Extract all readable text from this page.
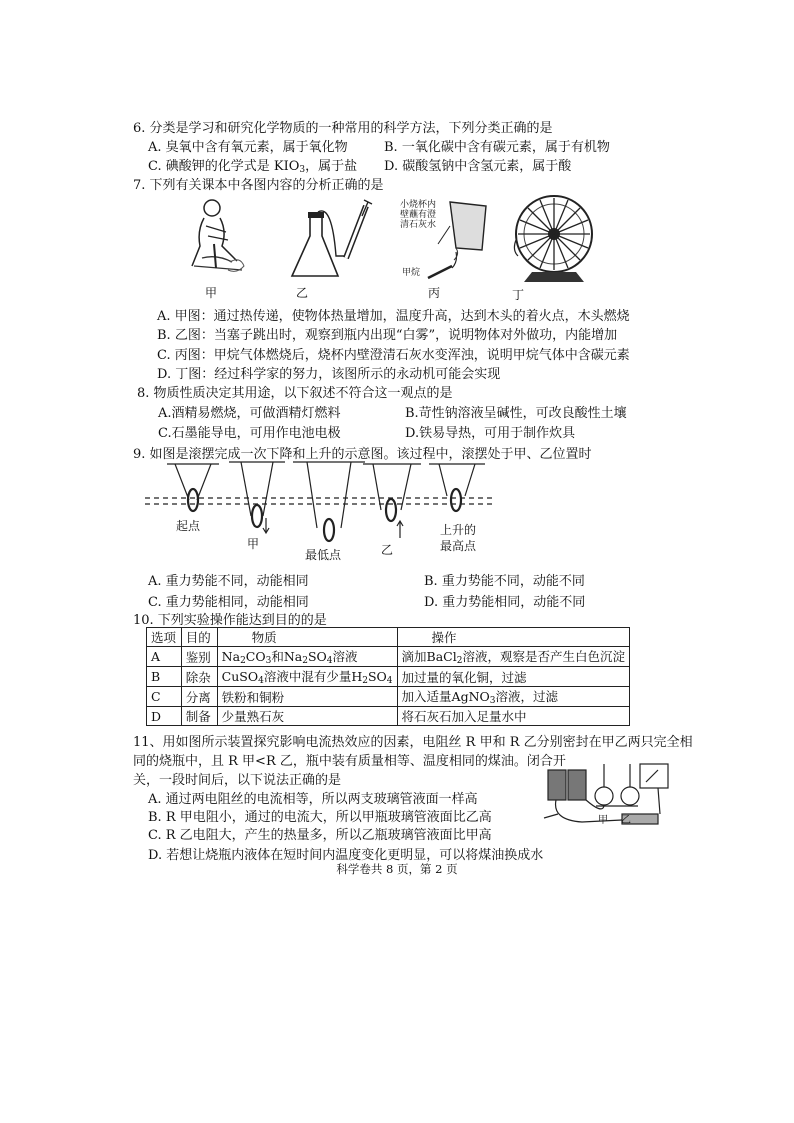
6. 分类是学习和研究化学物质的一种常用的科学方法，下列分类正确的是
A. 臭氧中含有氧元素，属于氧化物	B. 一氧化碳中含有碳元素，属于有机物
C. 碘酸钾的化学式是 $KIO_3$，属于盐 D. 碳酸氢钠中含氢元素，属于酸
7. 下列有关课本中各图内容的分析正确的是
小烧杯内
壁蘸有澄
清石灰水
甲烷
甲	乙	丙	丁
A. 甲图：通过热传递，使物体热量增加，温度升高，达到木头的着火点，木头燃烧
B. 乙图：当塞子跳出时，观察到瓶内出现“白雾”，说明物体对外做功，内能增加
C. 丙图：甲烷气体燃烧后，烧杯内壁澄清石灰水变浑浊，说明甲烷气体中含碳元素
D. 丁图：经过科学家的努力，该图所示的永动机可能会实现
8. 物质性质决定其用途，以下叙述不符合这一观点的是
A.酒精易燃烧，可做酒精灯燃料	B.苛性钠溶液呈碱性，可改良酸性土壤
C.石墨能导电，可用作电池电极	D.铁易导热，可用于制作炊具
9. 如图是滚摆完成一次下降和上升的示意图。该过程中，滚摆处于甲、乙位置时
起点
甲
最低点	乙
上升的
最高点
A. 重力势能不同，动能相同	B. 重力势能不同，动能不同
C. 重力势能相同，动能相同	D. 重力势能相同，动能不同
10. 下列实验操作能达到目的的是
选项	目的	物质	操作
A	鉴别	$Na_2CO_3$和$Na_2SO_4$溶液	滴加BaCl$_2$溶液，观察是否产生白色沉淀
B	除杂	CuSO$_4$溶液中混有少量$H_2SO_4$	加过量的氧化铜，过滤
C	分离	铁粉和铜粉	加入适量AgNO$_3$溶液，过滤
D	制备	少量熟石灰	将石灰石加入足量水中
11、用如图所示装置探究影响电流热效应的因素，电阻丝 R 甲和 R 乙分别密封在甲乙两只完全相
同的烧瓶中，且 R 甲<R 乙，瓶中装有质量相等、温度相同的煤油。闭合开
关，一段时间后，以下说法正确的是
A. 通过两电阻丝的电流相等，所以两支玻璃管液面一样高
B. R 甲电阻小，通过的电流大，所以甲瓶玻璃管液面比乙高
C. R 乙电阻大，产生的热量多，所以乙瓶玻璃管液面比甲高
D. 若想让烧瓶内液体在短时间内温度变化更明显，可以将煤油换成水
甲 乙
科学卷共 8 页，第 2 页
